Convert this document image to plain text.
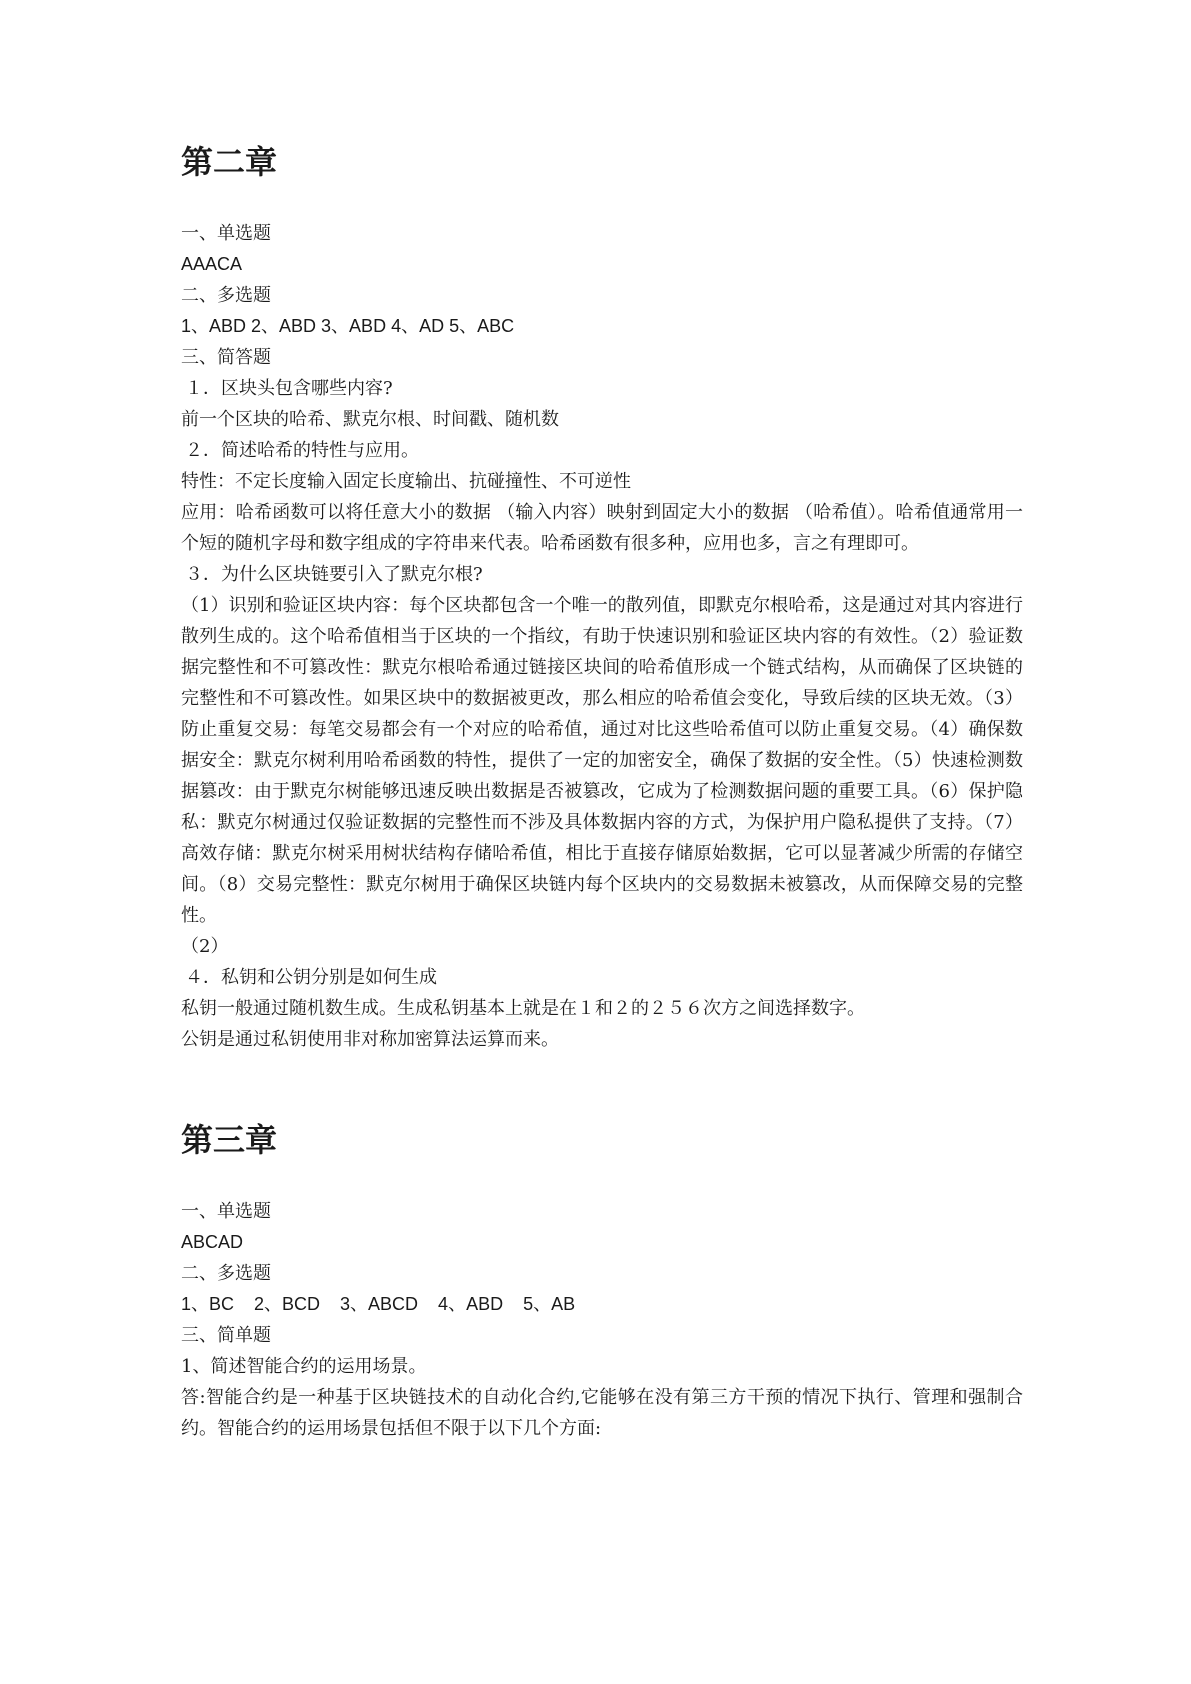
第二章
一、单选题
AAACA
二、多选题
1、ABD 2、ABD 3、ABD 4、AD 5、ABC
三、简答题
１．区块头包含哪些内容?
前一个区块的哈希、默克尔根、时间戳、随机数
２．简述哈希的特性与应用。
特性：不定长度输入固定长度输出、抗碰撞性、不可逆性

应用：哈希函数可以将任意大小的数据 （输入内容）映射到固定大小的数据 （哈希值）。哈希值通常用一个短的随机字母和数字组成的字符串来代表。哈希函数有很多种，应用也多，言之有理即可。

３．为什么区块链要引入了默克尔根?

（1）识别和验证区块内容：每个区块都包含一个唯一的散列值，即默克尔根哈希，这是通过对其内容进行散列生成的。这个哈希值相当于区块的一个指纹，有助于快速识别和验证区块内容的有效性。（2）验证数据完整性和不可篡改性：默克尔根哈希通过链接区块间的哈希值形成一个链式结构，从而确保了区块链的完整性和不可篡改性。如果区块中的数据被更改，那么相应的哈希值会变化，导致后续的区块无效。（3）防止重复交易：每笔交易都会有一个对应的哈希值，通过对比这些哈希值可以防止重复交易。（4）确保数据安全：默克尔树利用哈希函数的特性，提供了一定的加密安全，确保了数据的安全性。（5）快速检测数据篡改：由于默克尔树能够迅速反映出数据是否被篡改，它成为了检测数据问题的重要工具。（6）保护隐私：默克尔树通过仅验证数据的完整性而不涉及具体数据内容的方式，为保护用户隐私提供了支持。（7）高效存储：默克尔树采用树状结构存储哈希值，相比于直接存储原始数据，它可以显著减少所需的存储空间。（8）交易完整性：默克尔树用于确保区块链内每个区块内的交易数据未被篡改，从而保障交易的完整性。

（2）
４．私钥和公钥分别是如何生成
私钥一般通过随机数生成。生成私钥基本上就是在１和２的２５６次方之间选择数字。
公钥是通过私钥使用非对称加密算法运算而来。
第三章
一、单选题
ABCAD
二、多选题
1、BC    2、BCD    3、ABCD    4、ABD    5、AB
三、简单题
1、简述智能合约的运用场景。

答:智能合约是一种基于区块链技术的自动化合约,它能够在没有第三方干预的情况下执行、管理和强制合约。智能合约的运用场景包括但不限于以下几个方面:
